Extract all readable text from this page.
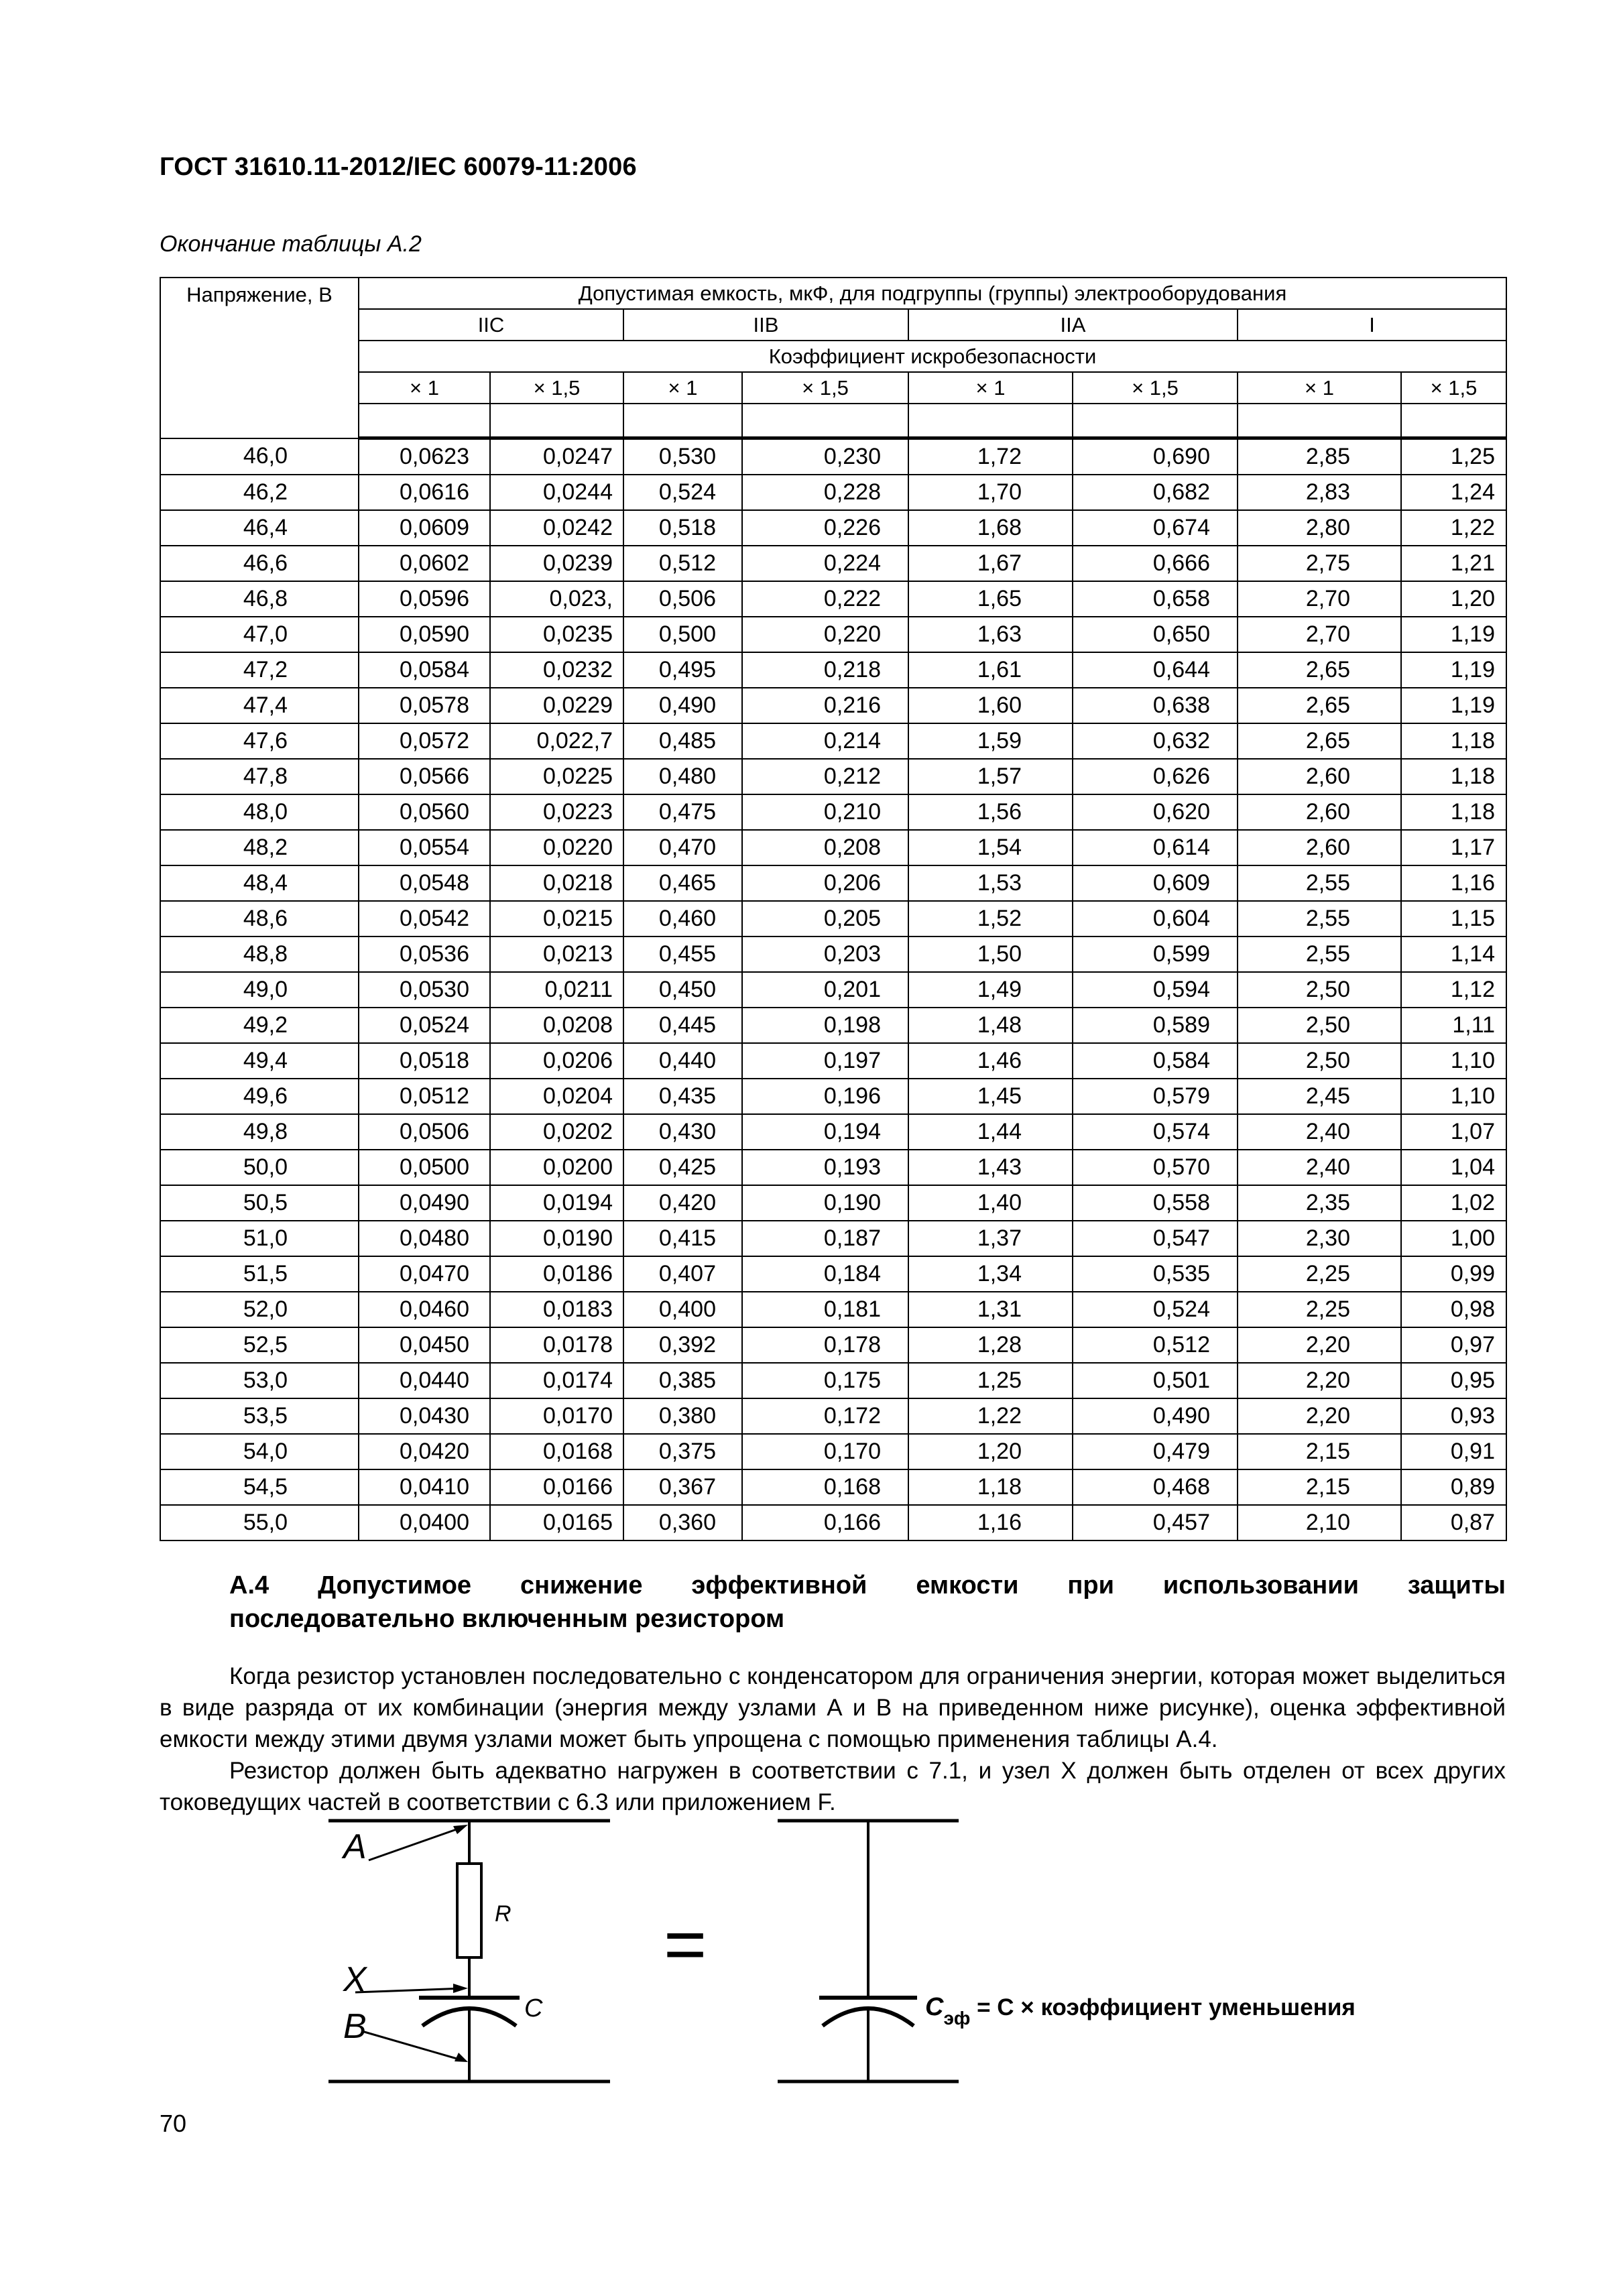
ГОСТ 31610.11-2012/IEC 60079-11:2006
Окончание таблицы А.2
Напряжение, В	Допустимая емкость, мкФ, для подгруппы (группы) электрооборудования							
	IIC		IIB		IIA		I	
	Коэффициент искробезопасности							
	× 1	× 1,5	× 1	× 1,5	× 1	× 1,5	× 1	× 1,5

46,0	0,0623	0,0247	0,530	0,230	1,72	0,690	2,85	1,25
46,2	0,0616	0,0244	0,524	0,228	1,70	0,682	2,83	1,24
46,4	0,0609	0,0242	0,518	0,226	1,68	0,674	2,80	1,22
46,6	0,0602	0,0239	0,512	0,224	1,67	0,666	2,75	1,21
46,8	0,0596	0,023,	0,506	0,222	1,65	0,658	2,70	1,20
47,0	0,0590	0,0235	0,500	0,220	1,63	0,650	2,70	1,19
47,2	0,0584	0,0232	0,495	0,218	1,61	0,644	2,65	1,19
47,4	0,0578	0,0229	0,490	0,216	1,60	0,638	2,65	1,19
47,6	0,0572	0,022,7	0,485	0,214	1,59	0,632	2,65	1,18
47,8	0,0566	0,0225	0,480	0,212	1,57	0,626	2,60	1,18
48,0	0,0560	0,0223	0,475	0,210	1,56	0,620	2,60	1,18
48,2	0,0554	0,0220	0,470	0,208	1,54	0,614	2,60	1,17
48,4	0,0548	0,0218	0,465	0,206	1,53	0,609	2,55	1,16
48,6	0,0542	0,0215	0,460	0,205	1,52	0,604	2,55	1,15
48,8	0,0536	0,0213	0,455	0,203	1,50	0,599	2,55	1,14
49,0	0,0530	0,0211	0,450	0,201	1,49	0,594	2,50	1,12
49,2	0,0524	0,0208	0,445	0,198	1,48	0,589	2,50	1,11
49,4	0,0518	0,0206	0,440	0,197	1,46	0,584	2,50	1,10
49,6	0,0512	0,0204	0,435	0,196	1,45	0,579	2,45	1,10
49,8	0,0506	0,0202	0,430	0,194	1,44	0,574	2,40	1,07
50,0	0,0500	0,0200	0,425	0,193	1,43	0,570	2,40	1,04
50,5	0,0490	0,0194	0,420	0,190	1,40	0,558	2,35	1,02
51,0	0,0480	0,0190	0,415	0,187	1,37	0,547	2,30	1,00
51,5	0,0470	0,0186	0,407	0,184	1,34	0,535	2,25	0,99
52,0	0,0460	0,0183	0,400	0,181	1,31	0,524	2,25	0,98
52,5	0,0450	0,0178	0,392	0,178	1,28	0,512	2,20	0,97
53,0	0,0440	0,0174	0,385	0,175	1,25	0,501	2,20	0,95
53,5	0,0430	0,0170	0,380	0,172	1,22	0,490	2,20	0,93
54,0	0,0420	0,0168	0,375	0,170	1,20	0,479	2,15	0,91
54,5	0,0410	0,0166	0,367	0,168	1,18	0,468	2,15	0,89
55,0	0,0400	0,0165	0,360	0,166	1,16	0,457	2,10	0,87
А.4 Допустимое снижение эффективной емкости при использовании защиты
последовательно включенным резистором
Когда резистор установлен последовательно с конденсатором для ограничения энергии, которая может выделиться в виде разряда от их комбинации (энергия между узлами А и В на приведенном ниже рисунке), оценка эффективной емкости между этими двумя узлами может быть упрощена с помощью применения таблицы А.4.
Резистор должен быть адекватно нагружен в соответствии с 7.1, и узел X должен быть отделен от всех других токоведущих частей в соответствии с 6.3 или приложением F.
A
X
B
R
C
=
$C_{эф} = C$ × коэффициент уменьшения
70
